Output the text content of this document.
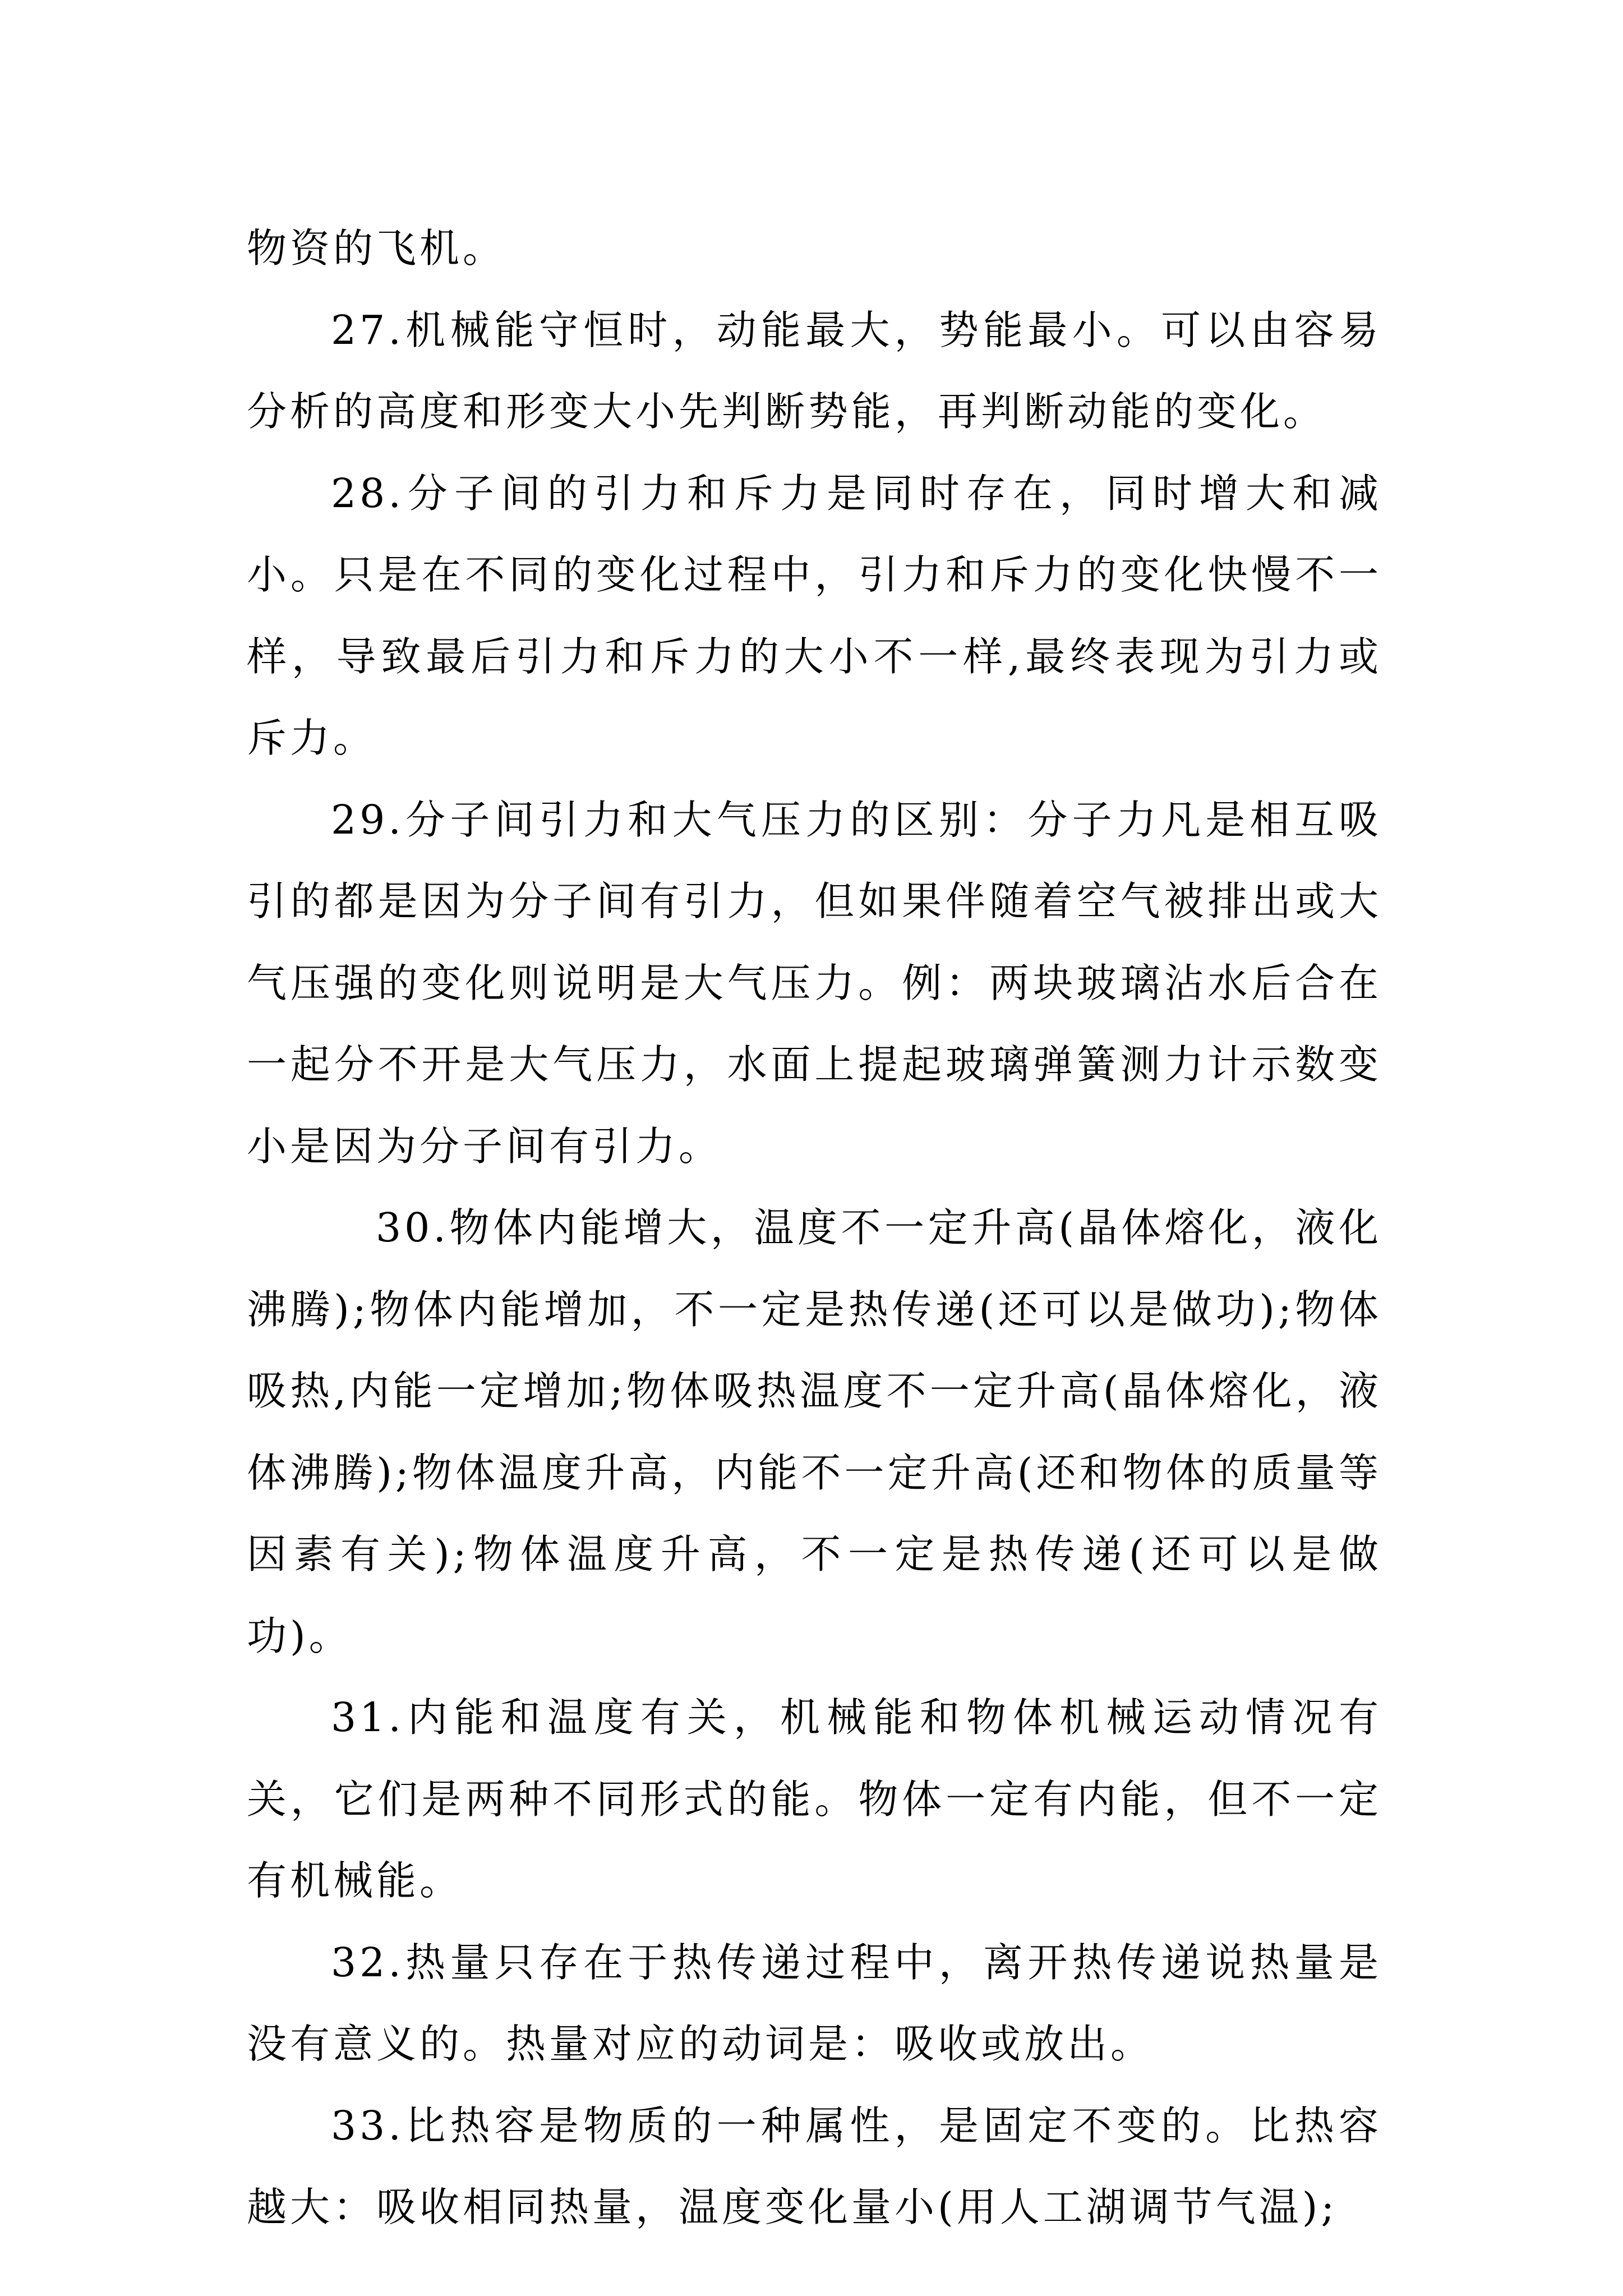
物资的飞机。

27.机械能守恒时，动能最大，势能最小。可以由容易分析的高度和形变大小先判断势能，再判断动能的变化。

28.分子间的引力和斥力是同时存在，同时增大和减小。只是在不同的变化过程中，引力和斥力的变化快慢不一样，导致最后引力和斥力的大小不一样,最终表现为引力或斥力。

29.分子间引力和大气压力的区别：分子力凡是相互吸引的都是因为分子间有引力，但如果伴随着空气被排出或大气压强的变化则说明是大气压力。例：两块玻璃沾水后合在一起分不开是大气压力，水面上提起玻璃弹簧测力计示数变小是因为分子间有引力。

30.物体内能增大，温度不一定升高(晶体熔化，液化沸腾);物体内能增加，不一定是热传递(还可以是做功);物体吸热,内能一定增加;物体吸热温度不一定升高(晶体熔化，液体沸腾);物体温度升高，内能不一定升高(还和物体的质量等因素有关);物体温度升高，不一定是热传递(还可以是做功)。

31.内能和温度有关，机械能和物体机械运动情况有关，它们是两种不同形式的能。物体一定有内能，但不一定有机械能。

32.热量只存在于热传递过程中，离开热传递说热量是没有意义的。热量对应的动词是：吸收或放出。

33.比热容是物质的一种属性，是固定不变的。比热容越大：吸收相同热量，温度变化量小(用人工湖调节气温);
